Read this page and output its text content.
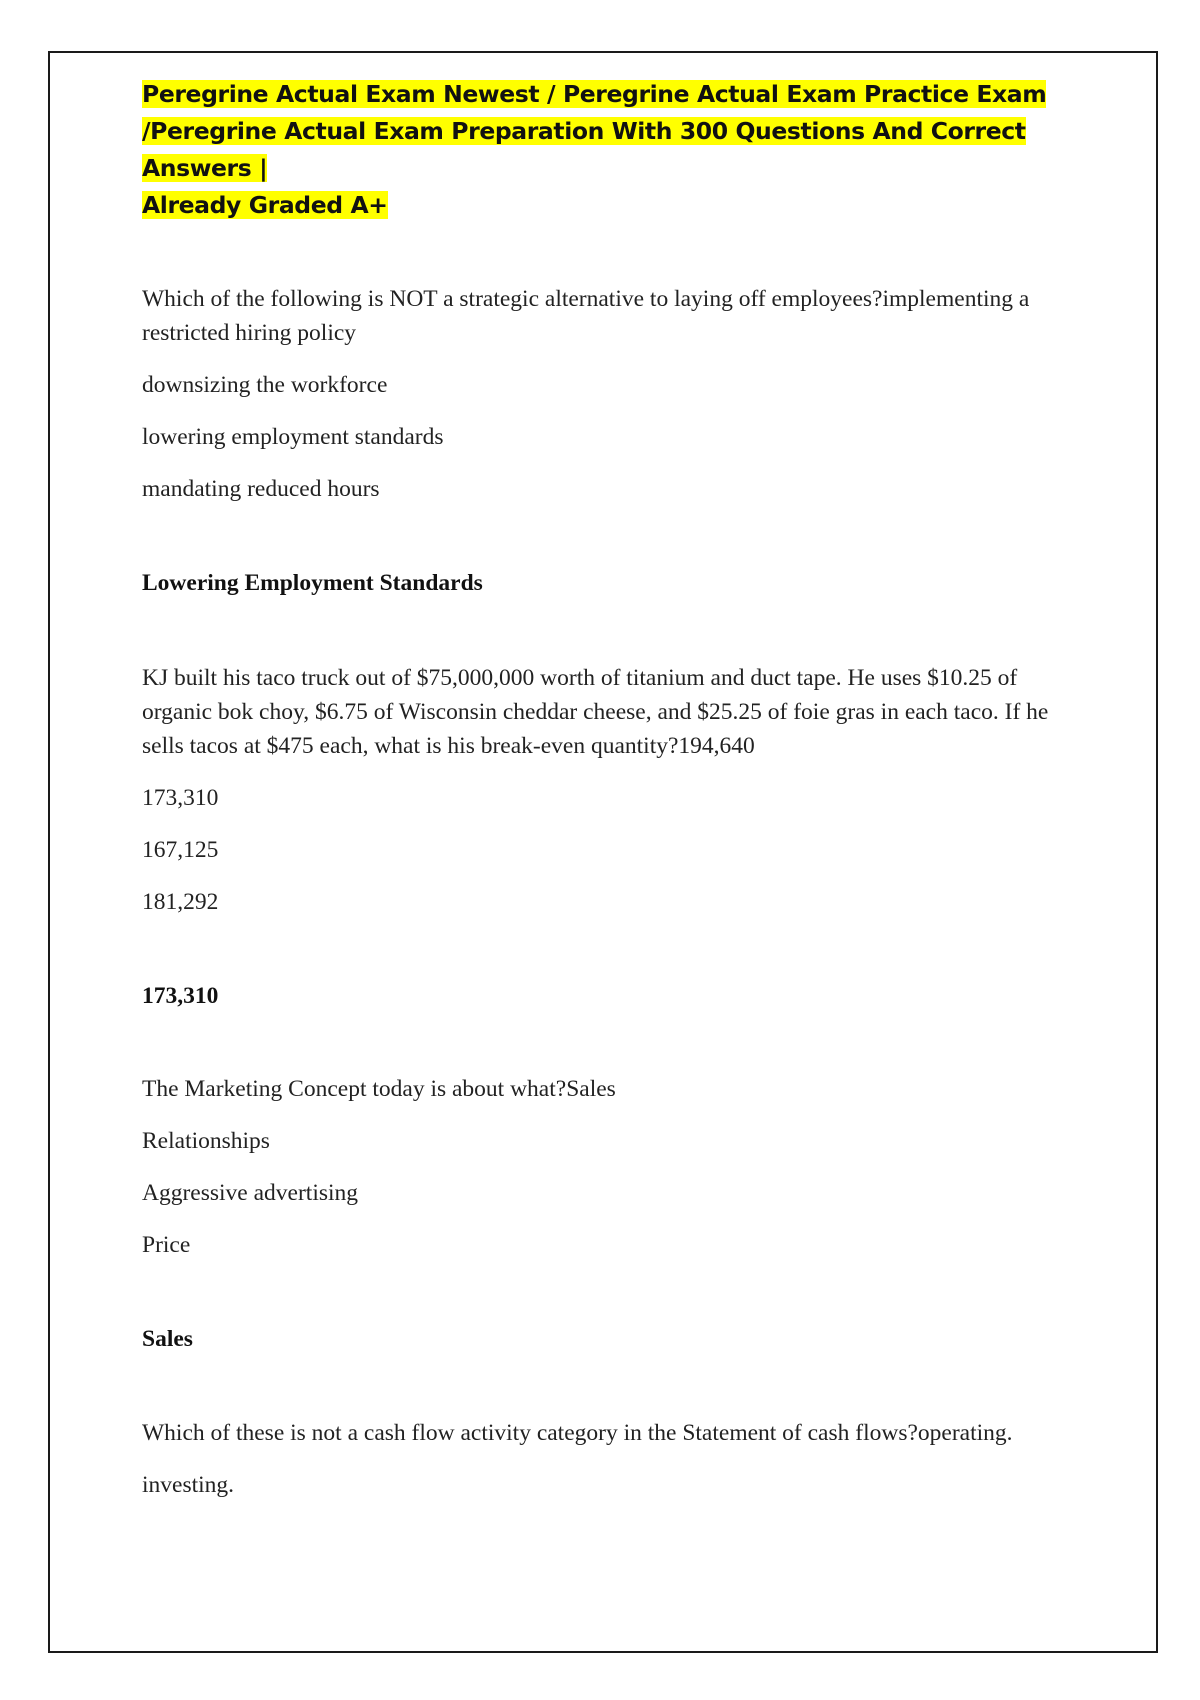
Peregrine Actual Exam Newest / Peregrine Actual Exam Practice Exam
/Peregrine Actual Exam Preparation With 300 Questions And Correct Answers |
Already Graded A+

Which of the following is NOT a strategic alternative to laying off employees?implementing a restricted hiring policy

downsizing the workforce

lowering employment standards

mandating reduced hours

Lowering Employment Standards

KJ built his taco truck out of $75,000,000 worth of titanium and duct tape. He uses $10.25 of organic bok choy, $6.75 of Wisconsin cheddar cheese, and $25.25 of foie gras in each taco. If he sells tacos at $475 each, what is his break-even quantity?194,640

173,310

167,125

181,292

173,310

The Marketing Concept today is about what?Sales

Relationships

Aggressive advertising

Price

Sales

Which of these is not a cash flow activity category in the Statement of cash flows?operating.

investing.
